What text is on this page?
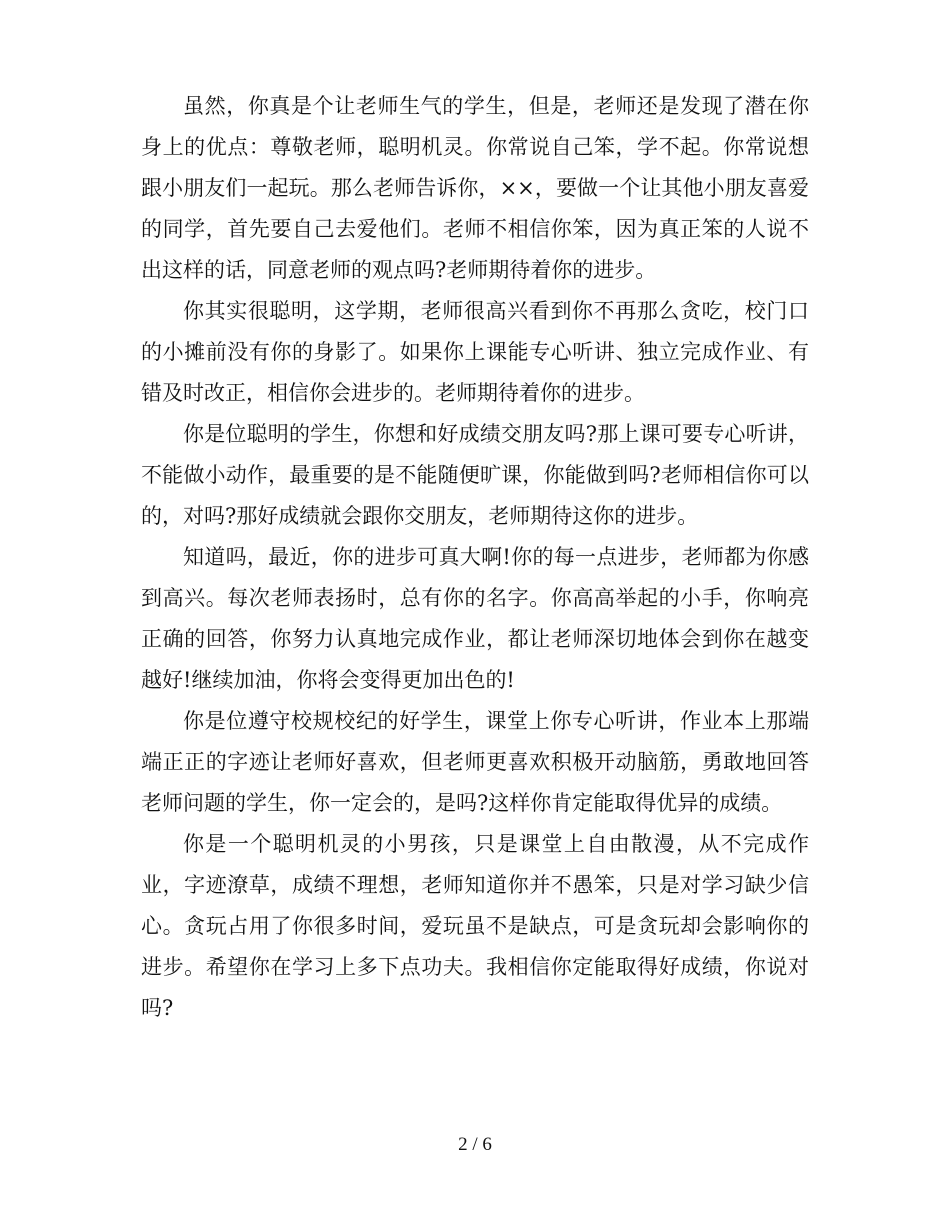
虽然，你真是个让老师生气的学生，但是，老师还是发现了潜在你身上的优点：尊敬老师，聪明机灵。你常说自己笨，学不起。你常说想跟小朋友们一起玩。那么老师告诉你，××，要做一个让其他小朋友喜爱的同学，首先要自己去爱他们。老师不相信你笨，因为真正笨的人说不出这样的话，同意老师的观点吗?老师期待着你的进步。

你其实很聪明，这学期，老师很高兴看到你不再那么贪吃，校门口的小摊前没有你的身影了。如果你上课能专心听讲、独立完成作业、有错及时改正，相信你会进步的。老师期待着你的进步。

你是位聪明的学生，你想和好成绩交朋友吗?那上课可要专心听讲，不能做小动作，最重要的是不能随便旷课，你能做到吗?老师相信你可以的，对吗?那好成绩就会跟你交朋友，老师期待这你的进步。

知道吗，最近，你的进步可真大啊!你的每一点进步，老师都为你感到高兴。每次老师表扬时，总有你的名字。你高高举起的小手，你响亮正确的回答，你努力认真地完成作业，都让老师深切地体会到你在越变越好!继续加油，你将会变得更加出色的!

你是位遵守校规校纪的好学生，课堂上你专心听讲，作业本上那端端正正的字迹让老师好喜欢，但老师更喜欢积极开动脑筋，勇敢地回答老师问题的学生，你一定会的，是吗?这样你肯定能取得优异的成绩。

你是一个聪明机灵的小男孩，只是课堂上自由散漫，从不完成作业，字迹潦草，成绩不理想，老师知道你并不愚笨，只是对学习缺少信心。贪玩占用了你很多时间，爱玩虽不是缺点，可是贪玩却会影响你的进步。希望你在学习上多下点功夫。我相信你定能取得好成绩，你说对吗?

2 / 6
